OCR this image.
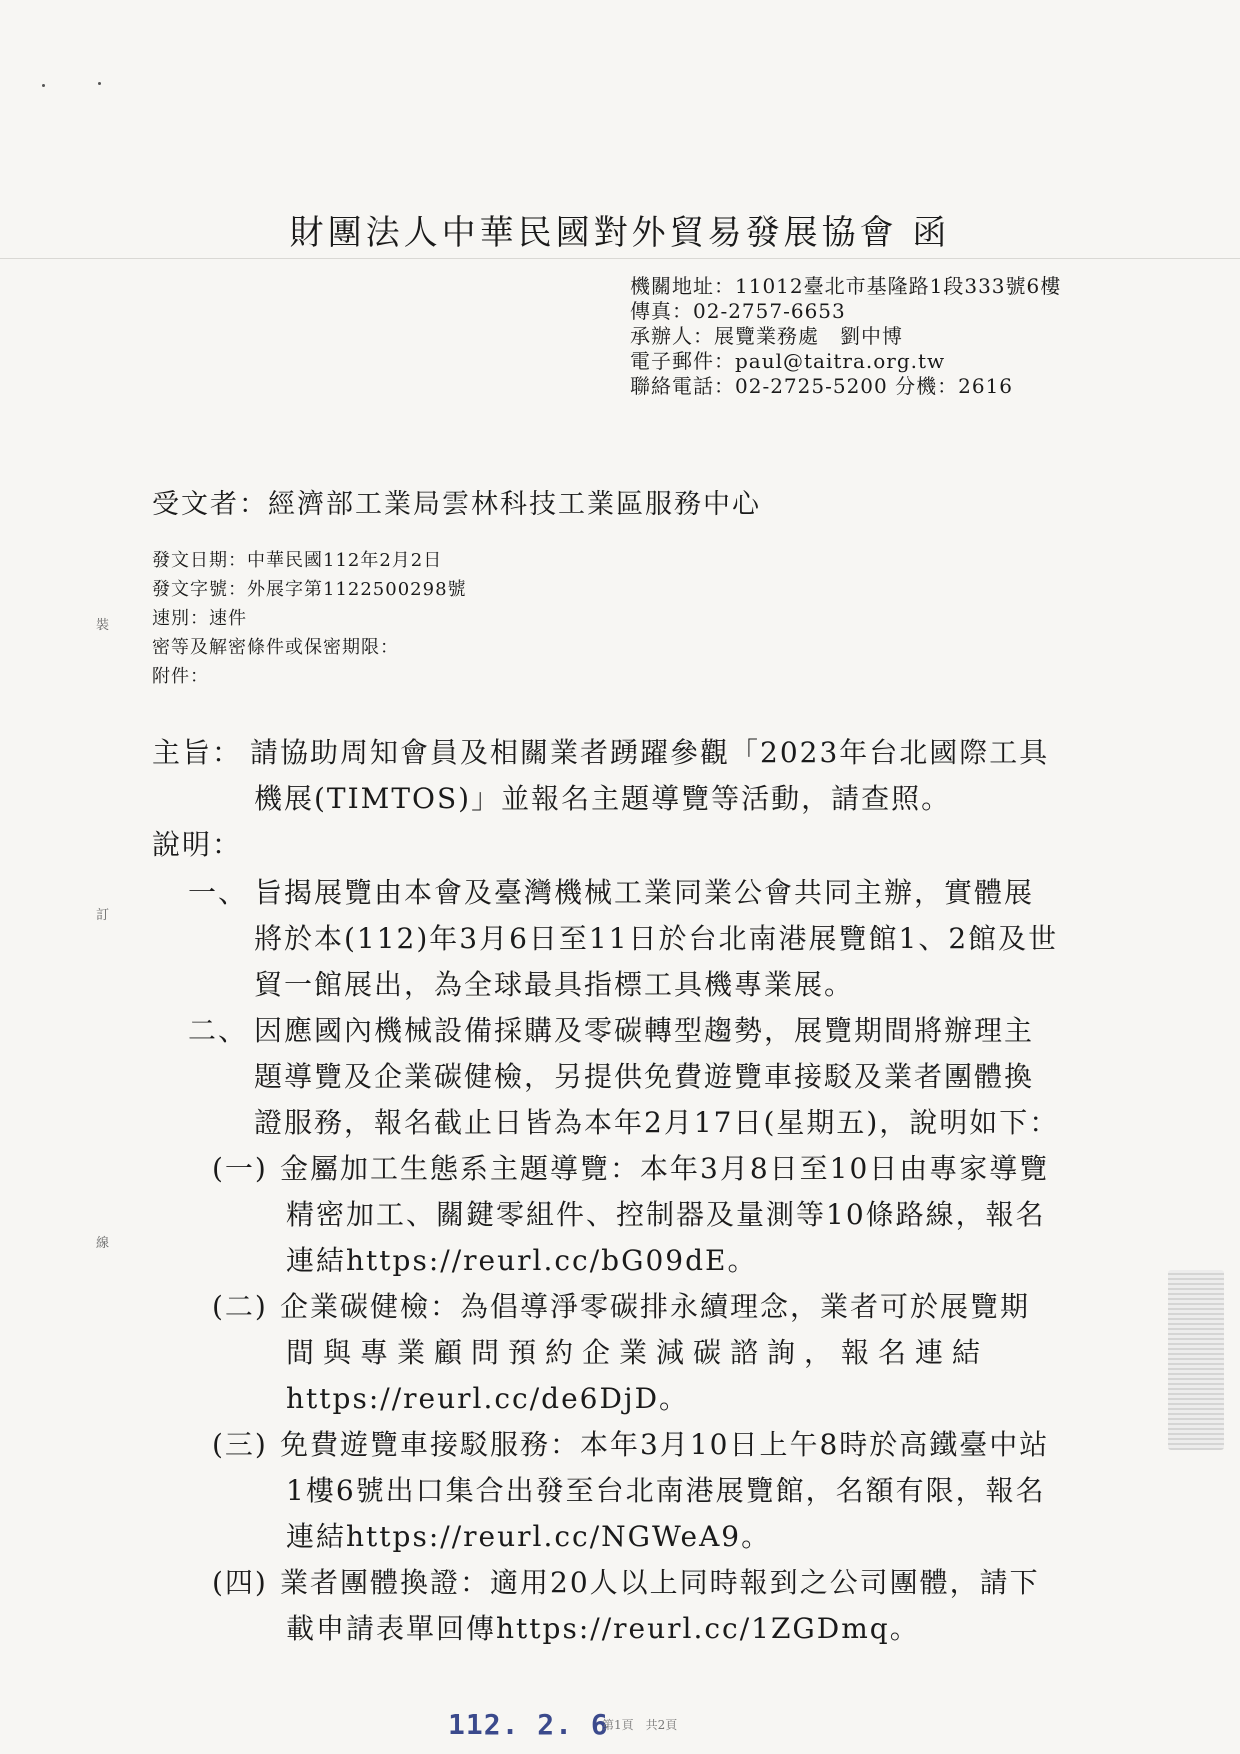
財團法人中華民國對外貿易發展協會 函
機關地址：11012臺北市基隆路1段333號6樓
傳真：02-2757-6653
承辦人：展覽業務處　劉中博
電子郵件：paul@taitra.org.tw
聯絡電話：02-2725-5200 分機：2616
受文者：經濟部工業局雲林科技工業區服務中心
發文日期：中華民國112年2月2日
發文字號：外展字第1122500298號
速別：速件
密等及解密條件或保密期限：
附件：
裝
訂
線
主旨： 請協助周知會員及相關業者踴躍參觀「2023年台北國際工具
機展(TIMTOS)」並報名主題導覽等活動，請查照。
說明：
一、 旨揭展覽由本會及臺灣機械工業同業公會共同主辦，實體展
將於本(112)年3月6日至11日於台北南港展覽館1、2館及世
貿一館展出，為全球最具指標工具機專業展。
二、 因應國內機械設備採購及零碳轉型趨勢，展覽期間將辦理主
題導覽及企業碳健檢，另提供免費遊覽車接駁及業者團體換
證服務，報名截止日皆為本年2月17日(星期五)，說明如下：
(一) 金屬加工生態系主題導覽：本年3月8日至10日由專家導覽
精密加工、關鍵零組件、控制器及量測等10條路線，報名
連結https://reurl.cc/bG09dE。
(二) 企業碳健檢：為倡導淨零碳排永續理念，業者可於展覽期
間與專業顧問預約企業減碳諮詢，報名連結
https://reurl.cc/de6DjD。
(三) 免費遊覽車接駁服務：本年3月10日上午8時於高鐵臺中站
1樓6號出口集合出發至台北南港展覽館，名額有限，報名
連結https://reurl.cc/NGWeA9。
(四) 業者團體換證：適用20人以上同時報到之公司團體，請下
載申請表單回傳https://reurl.cc/1ZGDmq。
112. 2. 6
第1頁　共2頁
